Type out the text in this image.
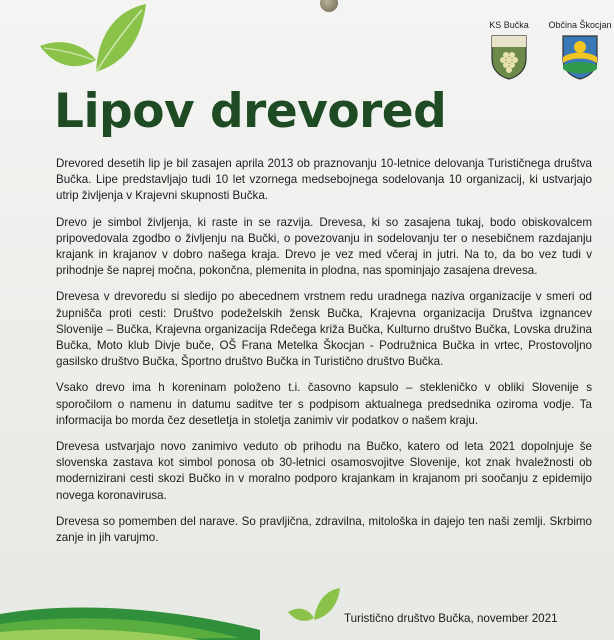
KS Bučka	Občina Škocjan
Lipov drevored

Drevored desetih lip je bil zasajen aprila 2013 ob praznovanju 10-letnice delovanja Turističnega društva Bučka. Lipe predstavljajo tudi 10 let vzornega medsebojnega sodelovanja 10 organizacij, ki ustvarjajo utrip življenja v Krajevni skupnosti Bučka.

Drevo je simbol življenja, ki raste in se razvija. Drevesa, ki so zasajena tukaj, bodo obiskovalcem pripovedovala zgodbo o življenju na Bučki, o povezovanju in sodelovanju ter o nesebičnem razdajanju krajank in krajanov v dobro našega kraja. Drevo je vez med včeraj in jutri. Na to, da bo vez tudi v prihodnje še naprej močna, pokončna, plemenita in plodna, nas spominjajo zasajena drevesa.

Drevesa v drevoredu si sledijo po abecednem vrstnem redu uradnega naziva organizacije v smeri od župnišča proti cesti: Društvo podeželskih žensk Bučka, Krajevna organizacija Društva izgnancev Slovenije – Bučka, Krajevna organizacija Rdečega križa Bučka, Kulturno društvo Bučka, Lovska družina Bučka, Moto klub Divje buče, OŠ Frana Metelka Škocjan - Podružnica Bučka in vrtec, Prostovoljno gasilsko društvo Bučka, Športno društvo Bučka in Turistično društvo Bučka.

Vsako drevo ima h koreninam položeno t.i. časovno kapsulo – stekleničko v obliki Slovenije s sporočilom o namenu in datumu saditve ter s podpisom aktualnega predsednika oziroma vodje. Ta informacija bo morda čez desetletja in stoletja zanimiv vir podatkov o našem kraju.

Drevesa ustvarjajo novo zanimivo veduto ob prihodu na Bučko, katero od leta 2021 dopolnjuje še slovenska zastava kot simbol ponosa ob 30-letnici osamosvojitve Slovenije, kot znak hvaležnosti ob modernizirani cesti skozi Bučko in v moralno podporo krajankam in krajanom pri soočanju z epidemijo novega koronavirusa.

Drevesa so pomemben del narave. So pravljična, zdravilna, mitološka in dajejo ten naši zemlji. Skrbimo zanje in jih varujmo.

Turistično društvo Bučka, november 2021
